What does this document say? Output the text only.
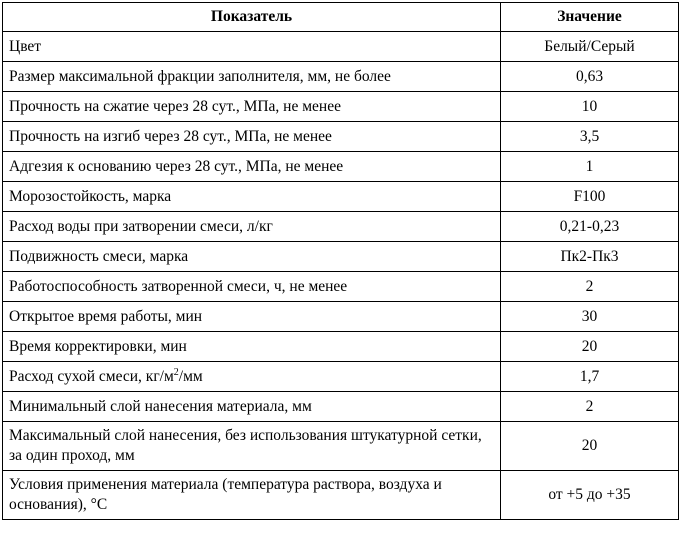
Показатель	Значение
Цвет	Белый/Серый
Размер максимальной фракции заполнителя, мм, не более	0,63
Прочность на сжатие через 28 сут., МПа, не менее	10
Прочность на изгиб через 28 сут., МПа, не менее	3,5
Адгезия к основанию через 28 сут., МПа, не менее	1
Морозостойкость, марка	F100
Расход воды при затворении смеси, л/кг	0,21-0,23
Подвижность смеси, марка	Пк2-Пк3
Работоспособность затворенной смеси, ч, не менее	2
Открытое время работы, мин	30
Время корректировки, мин	20
Расход сухой смеси, $кг/м^2/мм$	1,7
Минимальный слой нанесения материала, мм	2
Максимальный слой нанесения, без использования штукатурной сетки, за один проход, мм	20
Условия применения материала (температура раствора, воздуха и основания), °С	от +5 до +35
